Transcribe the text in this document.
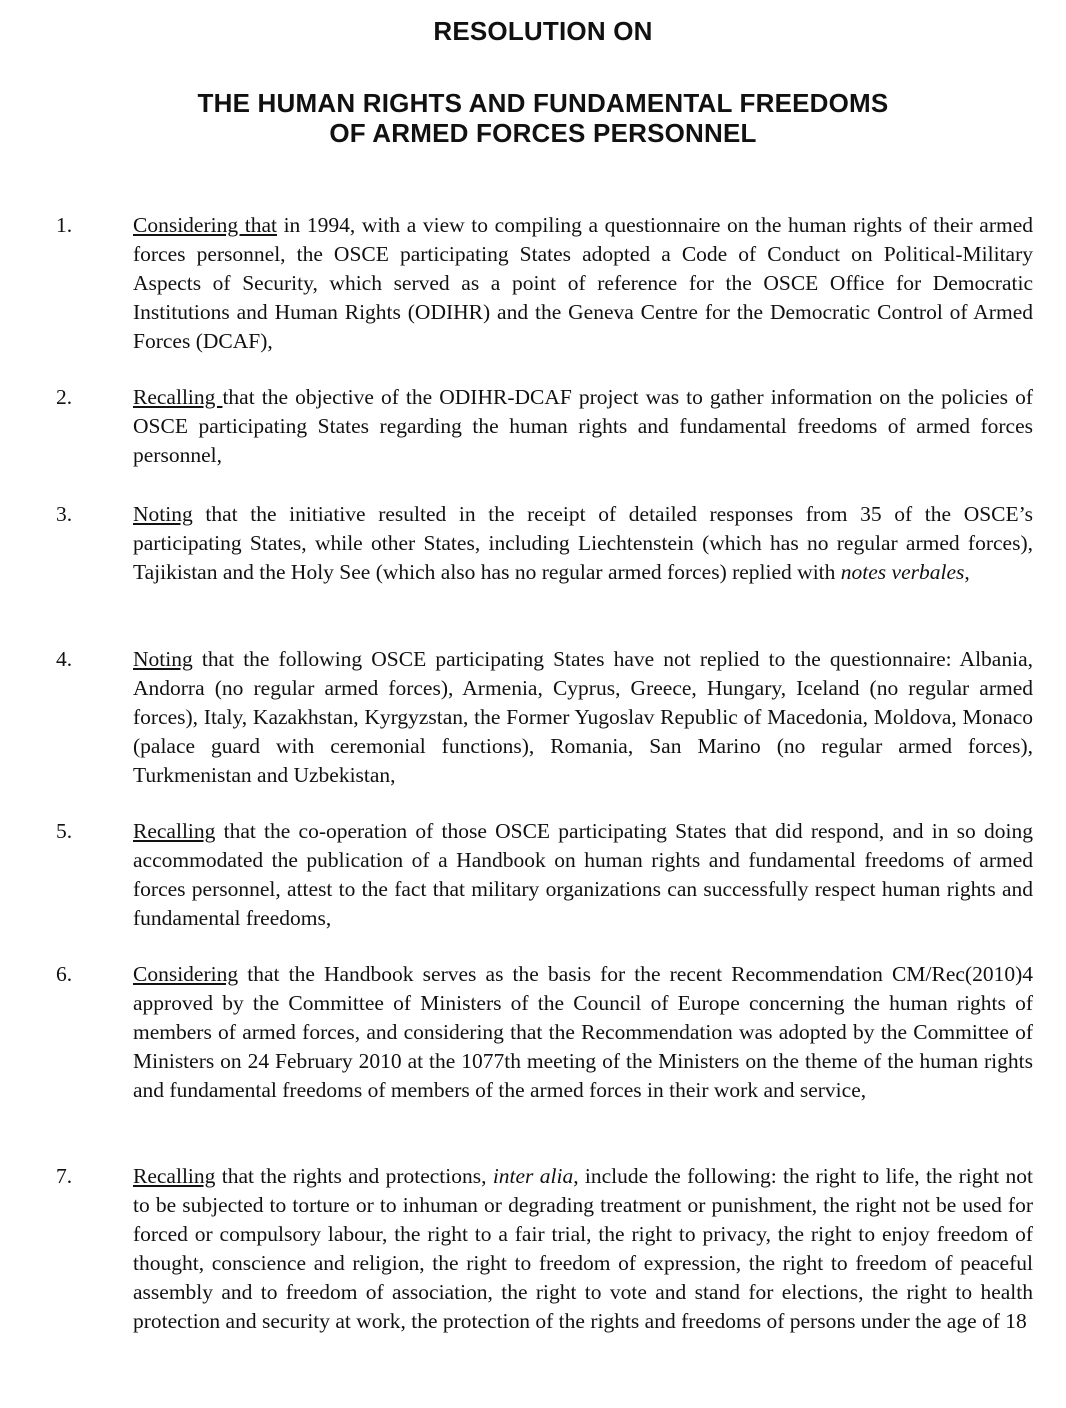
RESOLUTION ON
THE HUMAN RIGHTS AND FUNDAMENTAL FREEDOMS
OF ARMED FORCES PERSONNEL
1.	Considering that in 1994, with a view to compiling a questionnaire on the human rights of their armed forces personnel, the OSCE participating States adopted a Code of Conduct on Political-Military Aspects of Security, which served as a point of reference for the OSCE Office for Democratic Institutions and Human Rights (ODIHR) and the Geneva Centre for the Democratic Control of Armed Forces (DCAF),
2.	Recalling that the objective of the ODIHR-DCAF project was to gather information on the policies of OSCE participating States regarding the human rights and fundamental freedoms of armed forces personnel,
3.	Noting that the initiative resulted in the receipt of detailed responses from 35 of the OSCE’s participating States, while other States, including Liechtenstein (which has no regular armed forces), Tajikistan and the Holy See (which also has no regular armed forces) replied with notes verbales,
4.	Noting that the following OSCE participating States have not replied to the questionnaire: Albania, Andorra (no regular armed forces), Armenia, Cyprus, Greece, Hungary, Iceland (no regular armed forces), Italy, Kazakhstan, Kyrgyzstan, the Former Yugoslav Republic of Macedonia, Moldova, Monaco (palace guard with ceremonial functions), Romania, San Marino (no regular armed forces), Turkmenistan and Uzbekistan,
5.	Recalling that the co-operation of those OSCE participating States that did respond, and in so doing accommodated the publication of a Handbook on human rights and fundamental freedoms of armed forces personnel, attest to the fact that military organizations can successfully respect human rights and fundamental freedoms,
6.	Considering that the Handbook serves as the basis for the recent Recommendation CM/Rec(2010)4 approved by the Committee of Ministers of the Council of Europe concerning the human rights of members of armed forces, and considering that the Recommendation was adopted by the Committee of Ministers on 24 February 2010 at the 1077th meeting of the Ministers on the theme of the human rights and fundamental freedoms of members of the armed forces in their work and service,
7.	Recalling that the rights and protections, inter alia, include the following: the right to life, the right not to be subjected to torture or to inhuman or degrading treatment or punishment, the right not be used for forced or compulsory labour, the right to a fair trial, the right to privacy, the right to enjoy freedom of thought, conscience and religion, the right to freedom of expression, the right to freedom of peaceful assembly and to freedom of association, the right to vote and stand for elections, the right to health protection and security at work, the protection of the rights and freedoms of persons under the age of 18
